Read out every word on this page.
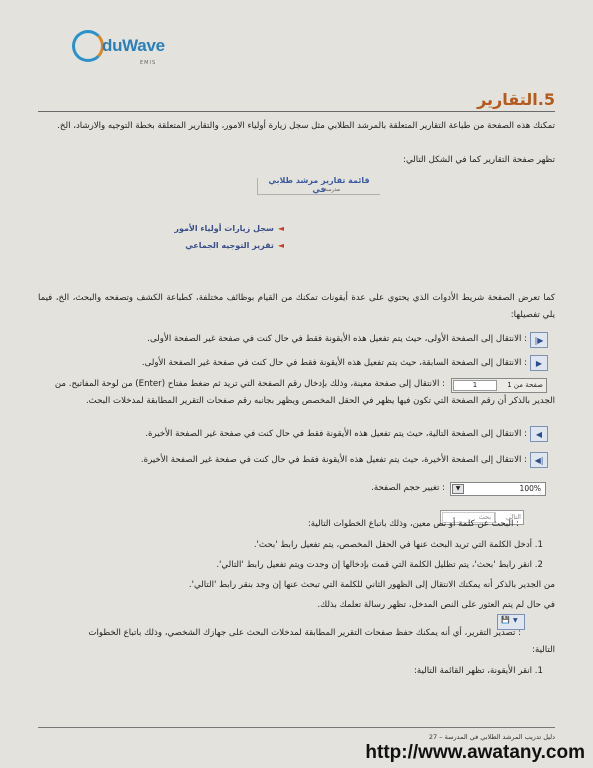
duWave
EMIS
5.التقارير
تمكنك هذه الصفحة من طباعة التقارير المتعلقة بالمرشد الطلابي مثل سجل زيارة أولياء الامور، والتقارير المتعلقة بخطة التوجيه والارشاد، الخ.
تظهر صفحة التقارير كما في الشكل التالي:
قائمة تقارير مرشد طلابي في
مدرسة
◄سجل زيارات أولياء الأمور
◄تقرير التوجيه الجماعي
كما تعرض الصفحة شريط الأدوات الذي يحتوي على عدة أيقونات تمكنك من القيام بوظائف مختلفة، كطباعة الكشف وتصفحه والبحث، الخ، فيما يلي تفصيلها:
▶|
: الانتقال إلى الصفحة الأولى، حيث يتم تفعيل هذه الأيقونة فقط في حال كنت في صفحة غير الصفحة الأولى.
▶
: الانتقال إلى الصفحة السابقة، حيث يتم تفعيل هذه الأيقونة فقط في حال كنت في صفحة غير الصفحة الأولى.
1	صفحة من 1
: الانتقال إلى صفحة معينة، وذلك بإدخال رقم الصفحة التي تريد ثم ضغط مفتاح (Enter) من لوحة المفاتيح. من
الجدير بالذكر أن رقم الصفحة التي تكون فيها يظهر في الحقل المخصص ويظهر بجانبه رقم صفحات التقرير المطابقة لمدخلات البحث.
◀
: الانتقال إلى الصفحة التالية، حيث يتم تفعيل هذه الأيقونة فقط في حال كنت في صفحة غير الصفحة الأخيرة.
|◀
: الانتقال إلى الصفحة الأخيرة، حيث يتم تفعيل هذه الأيقونة فقط في حال كنت في صفحة غير الصفحة الأخيرة.
▼	100%
: تغيير حجم الصفحة.
التالي
بحث
: البحث عن كلمة أو نص معين، وذلك باتباع الخطوات التالية:
1. أدخل الكلمة التي تريد البحث عنها في الحقل المخصص، يتم تفعيل رابط 'بحث'.
2. انقر رابط 'بحث'، يتم تظليل الكلمة التي قمت بإدخالها إن وجدت ويتم تفعيل رابط 'التالي'.
من الجدير بالذكر أنه يمكنك الانتقال إلى الظهور الثاني للكلمة التي تبحث عنها إن وجد بنقر رابط 'التالي'.
في حال لم يتم العثور على النص المدخل، تظهر رسالة تعلمك بذلك.
💾 ▼
: تصدير التقرير، أي أنه يمكنك حفظ صفحات التقرير المطابقة لمدخلات البحث على جهازك الشخصي، وذلك باتباع الخطوات
التالية:
1. انقر الأيقونة، تظهر القائمة التالية:
دليل تدريب المرشد الطلابي في المدرسة – 27
http://www.awatany.com
